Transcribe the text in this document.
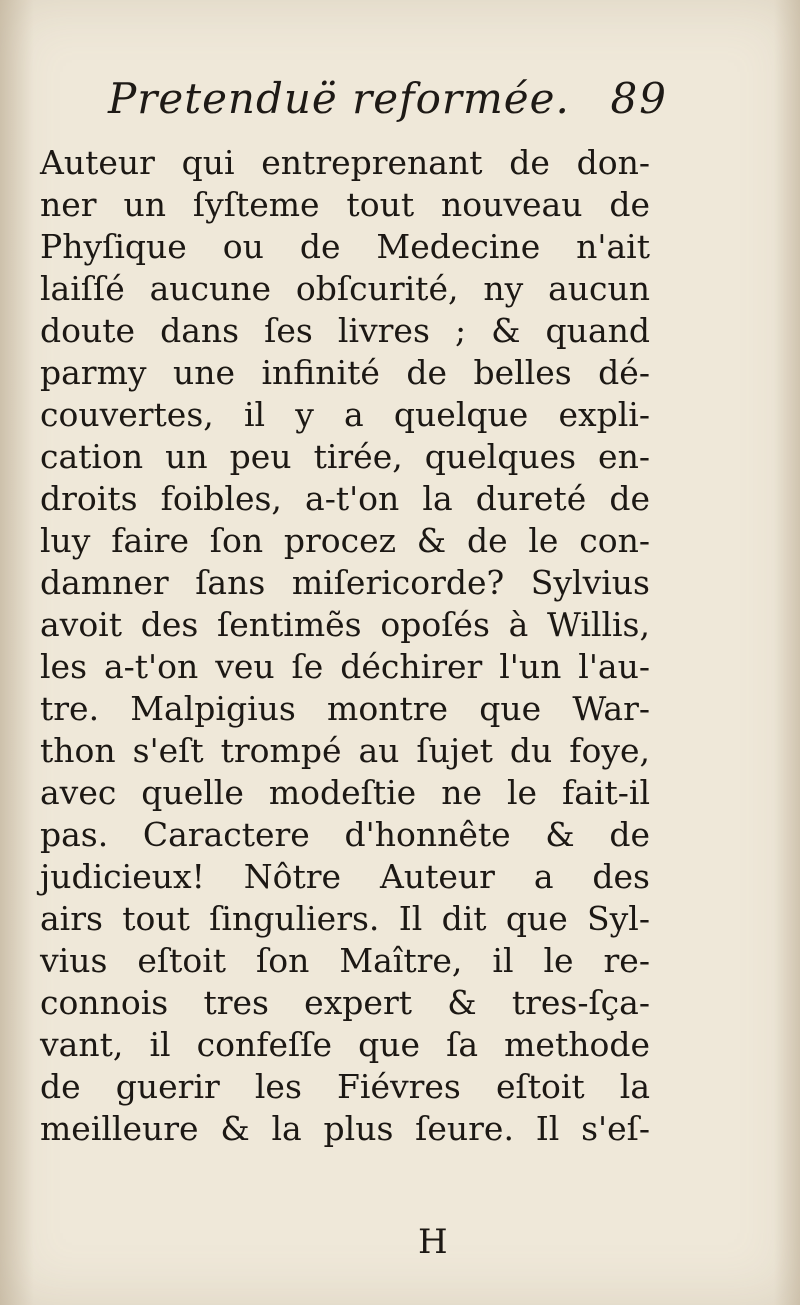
Pretenduë reformée. 89
Auteur qui entreprenant de don-
ner un ſyſteme tout nouveau de
Phyſique ou de Medecine n'ait
laiſſé aucune obſcurité, ny aucun
doute dans ſes livres ; & quand
parmy une infinité de belles dé-
couvertes, il y a quelque expli-
cation un peu tirée, quelques en-
droits foibles, a-t'on la dureté de
luy faire ſon procez & de le con-
damner ſans miſericorde? Sylvius
avoit des ſentimẽs opoſés à Willis,
les a-t'on veu ſe déchirer l'un l'au-
tre. Malpigius montre que War-
thon s'eſt trompé au ſujet du foye,
avec quelle modeſtie ne le fait-il
pas. Caractere d'honnête & de
judicieux! Nôtre Auteur a des
airs tout ſinguliers. Il dit que Syl-
vius eſtoit ſon Maître, il le re-
connois tres expert & tres-ſça-
vant, il confeſſe que ſa methode
de guerir les Fiévres eſtoit la
meilleure & la plus ſeure. Il s'eſ-
H
